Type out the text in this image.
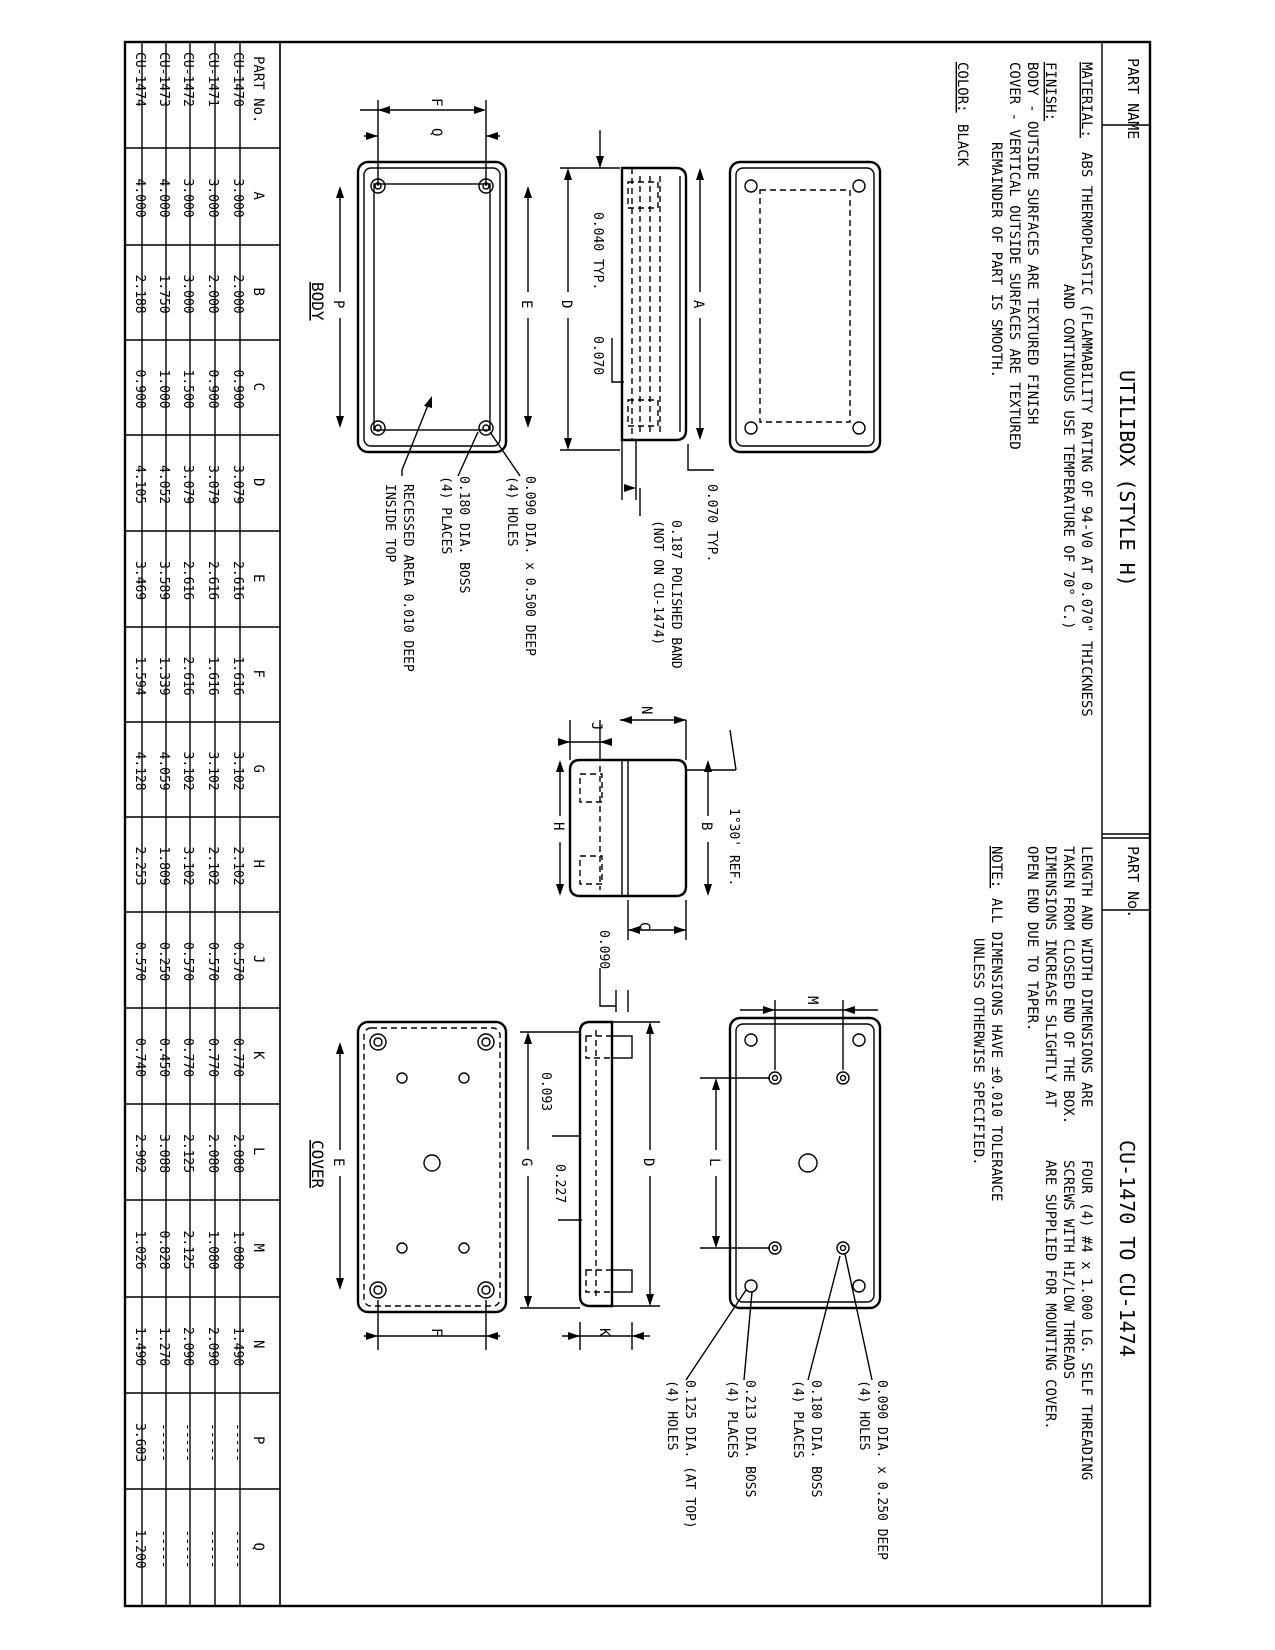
PART NAME
UTILIBOX (STYLE H)
PART No.
CU-1470 TO CU-1474
MATERIAL:
ABS THERMOPLASTIC (FLAMMABILITY RATING OF 94-V0 AT 0.070" THICKNESS
AND CONTINUOUS USE TEMPERATURE OF 70° C.)
FINISH:
BODY - OUTSIDE SURFACES ARE TEXTURED FINISH
COVER - VERTICAL OUTSIDE SURFACES ARE TEXTURED
REMAINDER OF PART IS SMOOTH.
COLOR:
BLACK
LENGTH AND WIDTH DIMENSIONS ARE
TAKEN FROM CLOSED END OF THE BOX.
DIMENSIONS INCREASE SLIGHTLY AT
OPEN END DUE TO TAPER.
NOTE:
ALL DIMENSIONS HAVE ±0.010 TOLERANCE
UNLESS OTHERWISE SPECIFIED.
FOUR (4) #4 x 1.000 LG. SELF THREADING
SCREWS WITH HI/LOW THREADS
ARE SUPPLIED FOR MOUNTING COVER.
A
D
0.040 TYP.
0.070
0.070 TYP.
0.187 POLISHED BAND
(NOT ON CU-1474)
E
P
F
Q
0.090 DIA. x 0.500 DEEP
(4) HOLES
0.180 DIA. BOSS
(4) PLACES
RECESSED AREA 0.010 DEEP
INSIDE TOP
BODY
J
N
B
H
C
1°30' REF.
0.090
M
L
0.090 DIA. x 0.250 DEEP
(4) HOLES
0.180 DIA. BOSS
(4) PLACES
0.213 DIA. BOSS
(4) PLACES
0.125 DIA. (AT TOP)
(4) HOLES
D
G
K
0.093
0.227
E
F
COVER
PART No.
A
B
C
D
E
F
G
H
J
K
L
M
N
P
Q
CU-1470
3.000
2.000
0.900
3.079
2.616
1.616
3.102
2.102
0.570
0.770
2.080
1.080
1.490
-----
-----
CU-1471
3.000
2.000
0.900
3.079
2.616
1.616
3.102
2.102
0.570
0.770
2.080
1.080
2.090
-----
-----
CU-1472
3.000
3.000
1.500
3.079
2.616
2.616
3.102
3.102
0.570
0.770
2.125
2.125
2.090
-----
-----
CU-1473
4.000
1.750
1.000
4.052
3.589
1.339
4.059
1.809
0.250
0.450
3.088
0.828
1.270
-----
-----
CU-1474
4.000
2.188
0.900
4.105
3.469
1.594
4.128
2.253
0.570
0.740
2.902
1.026
1.490
3.603
1.200
